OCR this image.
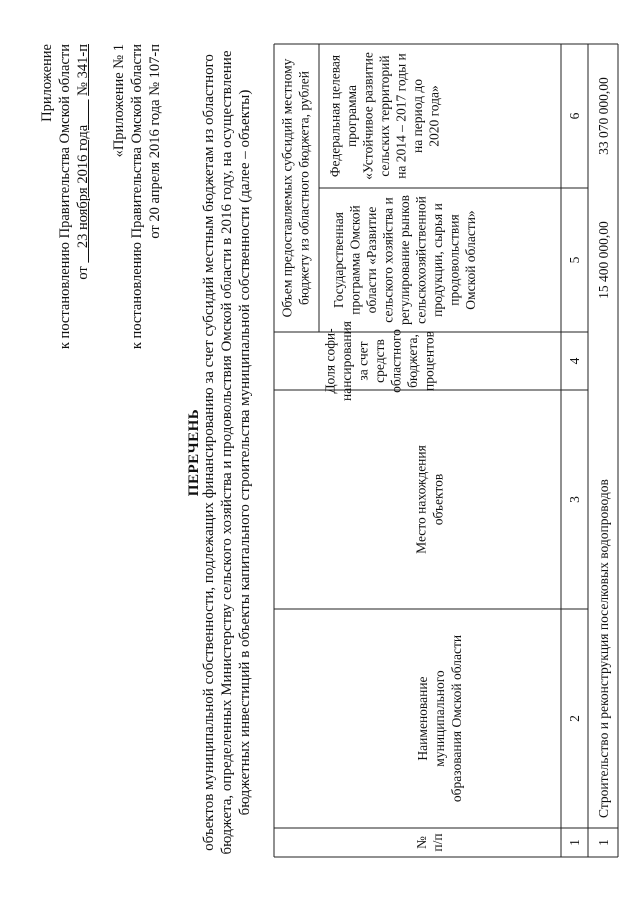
Приложение к постановлению Правительства Омской области от     23 ноября 2016 года        № 341-п «Приложение № 1 к постановлению Правительства Омской области от 20 апреля 2016 года № 107-п
ПЕРЕЧЕНЬ объектов муниципальной собственности, подлежащих финансированию за счет субсидий местным бюджетам из областного бюджета, определенных Министерству сельского хозяйства и продовольствия Омской области в 2016 году, на осуществление бюджетных инвестиций в объекты капитального строительства муниципальной собственности (далее – объекты)
№ п/п
Наименование муниципального образования Омской области
Место нахождения объектов
Доля софи- нансирования за счет средств областного бюджета, процентов
Объем предоставляемых субсидий местному бюджету из областного бюджета, рублей Государственная программа Омской области «Развитие сельского хозяйства и регулирование рынков сельскохозяйственной продукции, сырья и продовольствия Омской области»
Федеральная целевая программа «Устойчивое развитие сельских территорий на 2014 – 2017 годы и на период до 2020 года»
1
2
3
4
5
6
1
Строительство и реконструкция поселковых водопроводов
15 400 000,00
33 070 000,00
